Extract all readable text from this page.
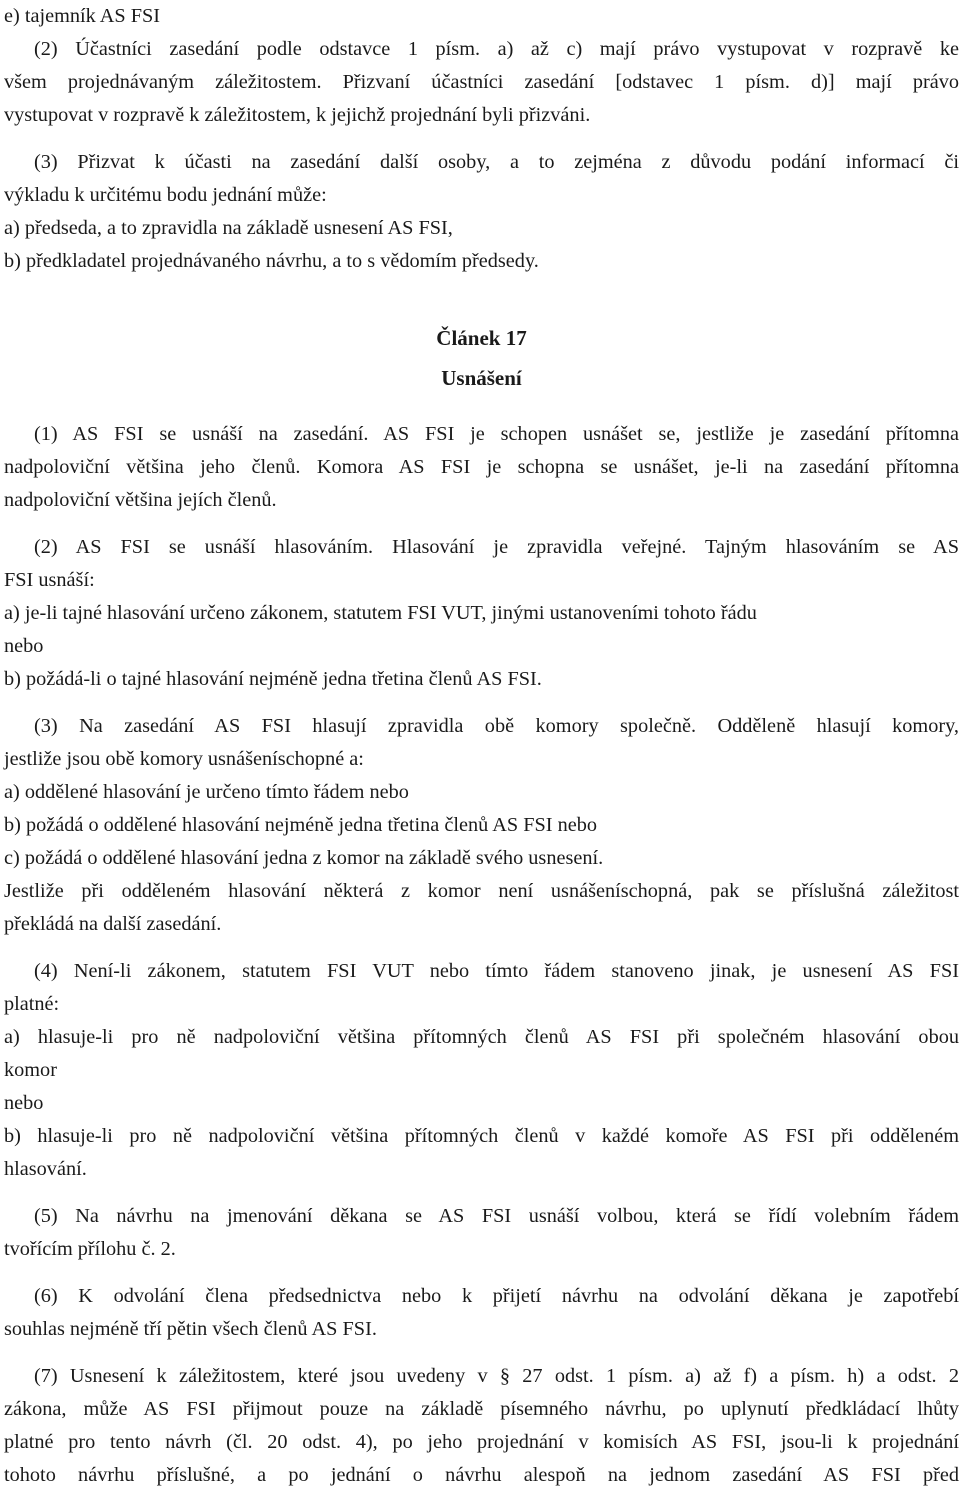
e) tajemník AS FSI
(2) Účastníci zasedání podle odstavce 1 písm. a) až c) mají právo vystupovat v rozpravě ke
všem projednávaným záležitostem. Přizvaní účastníci zasedání [odstavec 1 písm. d)] mají právo
vystupovat v rozpravě k záležitostem, k jejichž projednání byli přizváni.
(3) Přizvat k účasti na zasedání další osoby, a to zejména z důvodu podání informací či
výkladu k určitému bodu jednání může:
a) předseda, a to zpravidla na základě usnesení AS FSI,
b) předkladatel projednávaného návrhu, a to s vědomím předsedy.
Článek 17
Usnášení
(1) AS FSI se usnáší na zasedání. AS FSI je schopen usnášet se, jestliže je zasedání přítomna
nadpoloviční většina jeho členů. Komora AS FSI je schopna se usnášet, je-li na zasedání přítomna
nadpoloviční většina jejích členů.
(2) AS FSI se usnáší hlasováním. Hlasování je zpravidla veřejné. Tajným hlasováním se AS
FSI usnáší:
a) je-li tajné hlasování určeno zákonem, statutem FSI VUT, jinými ustanoveními tohoto řádu
nebo
b) požádá-li o tajné hlasování nejméně jedna třetina členů AS FSI.
(3) Na zasedání AS FSI hlasují zpravidla obě komory společně. Odděleně hlasují komory,
jestliže jsou obě komory usnášeníschopné a:
a) oddělené hlasování je určeno tímto řádem nebo
b) požádá o oddělené hlasování nejméně jedna třetina členů AS FSI nebo
c) požádá o oddělené hlasování jedna z komor na základě svého usnesení.
Jestliže při odděleném hlasování některá z komor není usnášeníschopná, pak se příslušná záležitost
překládá na další zasedání.
(4) Není-li zákonem, statutem FSI VUT nebo tímto řádem stanoveno jinak, je usnesení AS FSI
platné:
a) hlasuje-li pro ně nadpoloviční většina přítomných členů AS FSI při společném hlasování obou
komor
nebo
b) hlasuje-li pro ně nadpoloviční většina přítomných členů v každé komoře AS FSI při odděleném
hlasování.
(5) Na návrhu na jmenování děkana se AS FSI usnáší volbou, která se řídí volebním řádem
tvořícím přílohu č. 2.
(6) K odvolání člena předsednictva nebo k přijetí návrhu na odvolání děkana je zapotřebí
souhlas nejméně tří pětin všech členů AS FSI.
(7) Usnesení k záležitostem, které jsou uvedeny v § 27 odst. 1 písm. a) až f) a písm. h) a odst. 2
zákona, může AS FSI přijmout pouze na základě písemného návrhu, po uplynutí předkládací lhůty
platné pro tento návrh (čl. 20 odst. 4), po jeho projednání v komisích AS FSI, jsou-li k projednání
tohoto návrhu příslušné, a po jednání o návrhu alespoň na jednom zasedání AS FSI před
